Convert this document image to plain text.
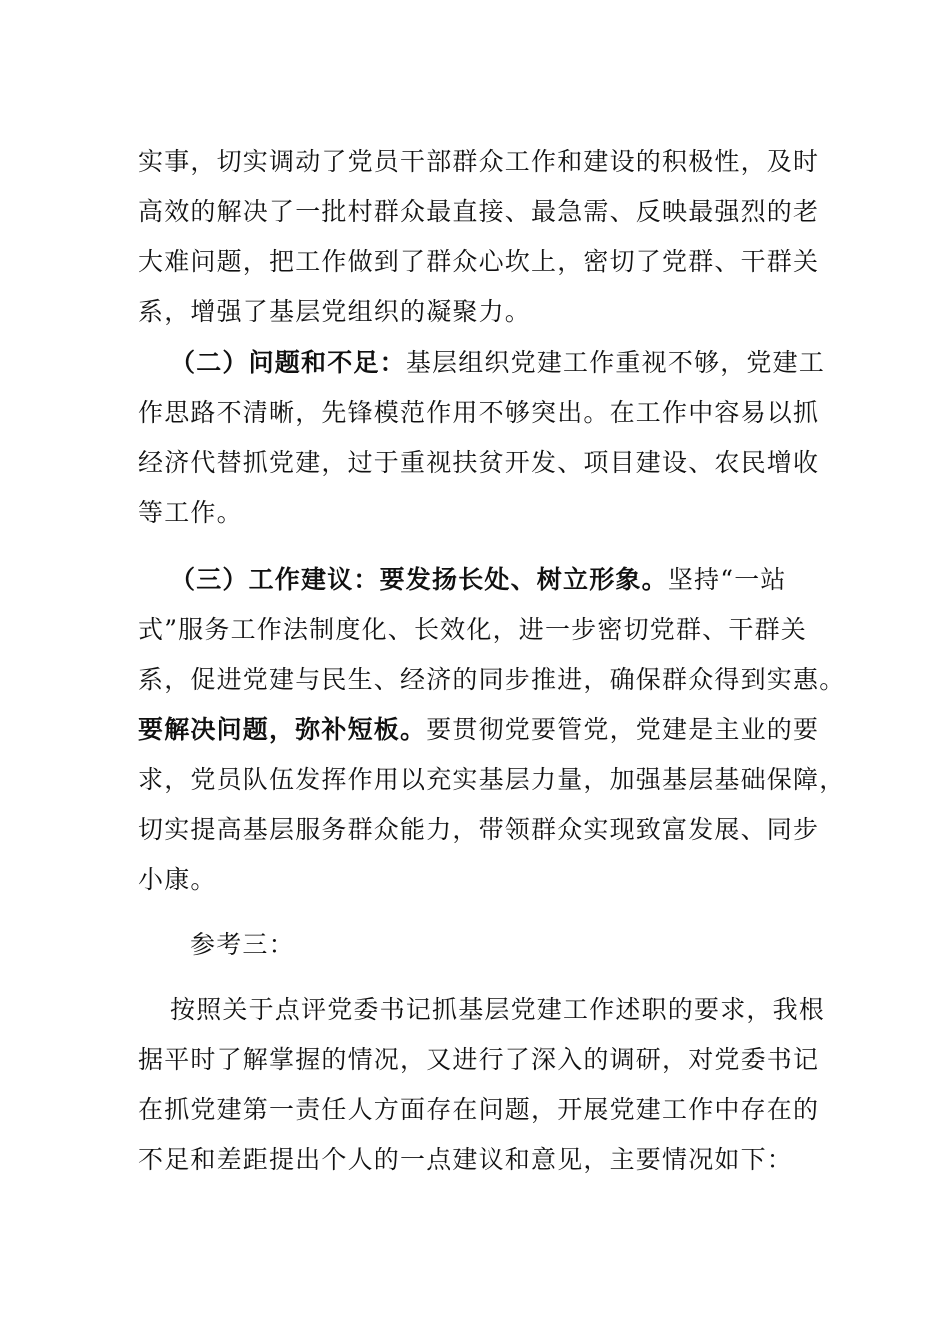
实事，切实调动了党员干部群众工作和建设的积极性，及时
高效的解决了一批村群众最直接、最急需、反映最强烈的老
大难问题，把工作做到了群众心坎上，密切了党群、干群关
系，增强了基层党组织的凝聚力。
（二）问题和不足：基层组织党建工作重视不够，党建工
作思路不清晰，先锋模范作用不够突出。在工作中容易以抓
经济代替抓党建，过于重视扶贫开发、项目建设、农民增收
等工作。
（三）工作建议：要发扬长处、树立形象。坚持“一站
式”服务工作法制度化、长效化，进一步密切党群、干群关
系，促进党建与民生、经济的同步推进，确保群众得到实惠。
要解决问题，弥补短板。要贯彻党要管党，党建是主业的要
求，党员队伍发挥作用以充实基层力量，加强基层基础保障，
切实提高基层服务群众能力，带领群众实现致富发展、同步
小康。
参考三：
按照关于点评党委书记抓基层党建工作述职的要求，我根
据平时了解掌握的情况，又进行了深入的调研，对党委书记
在抓党建第一责任人方面存在问题，开展党建工作中存在的
不足和差距提出个人的一点建议和意见，主要情况如下：
